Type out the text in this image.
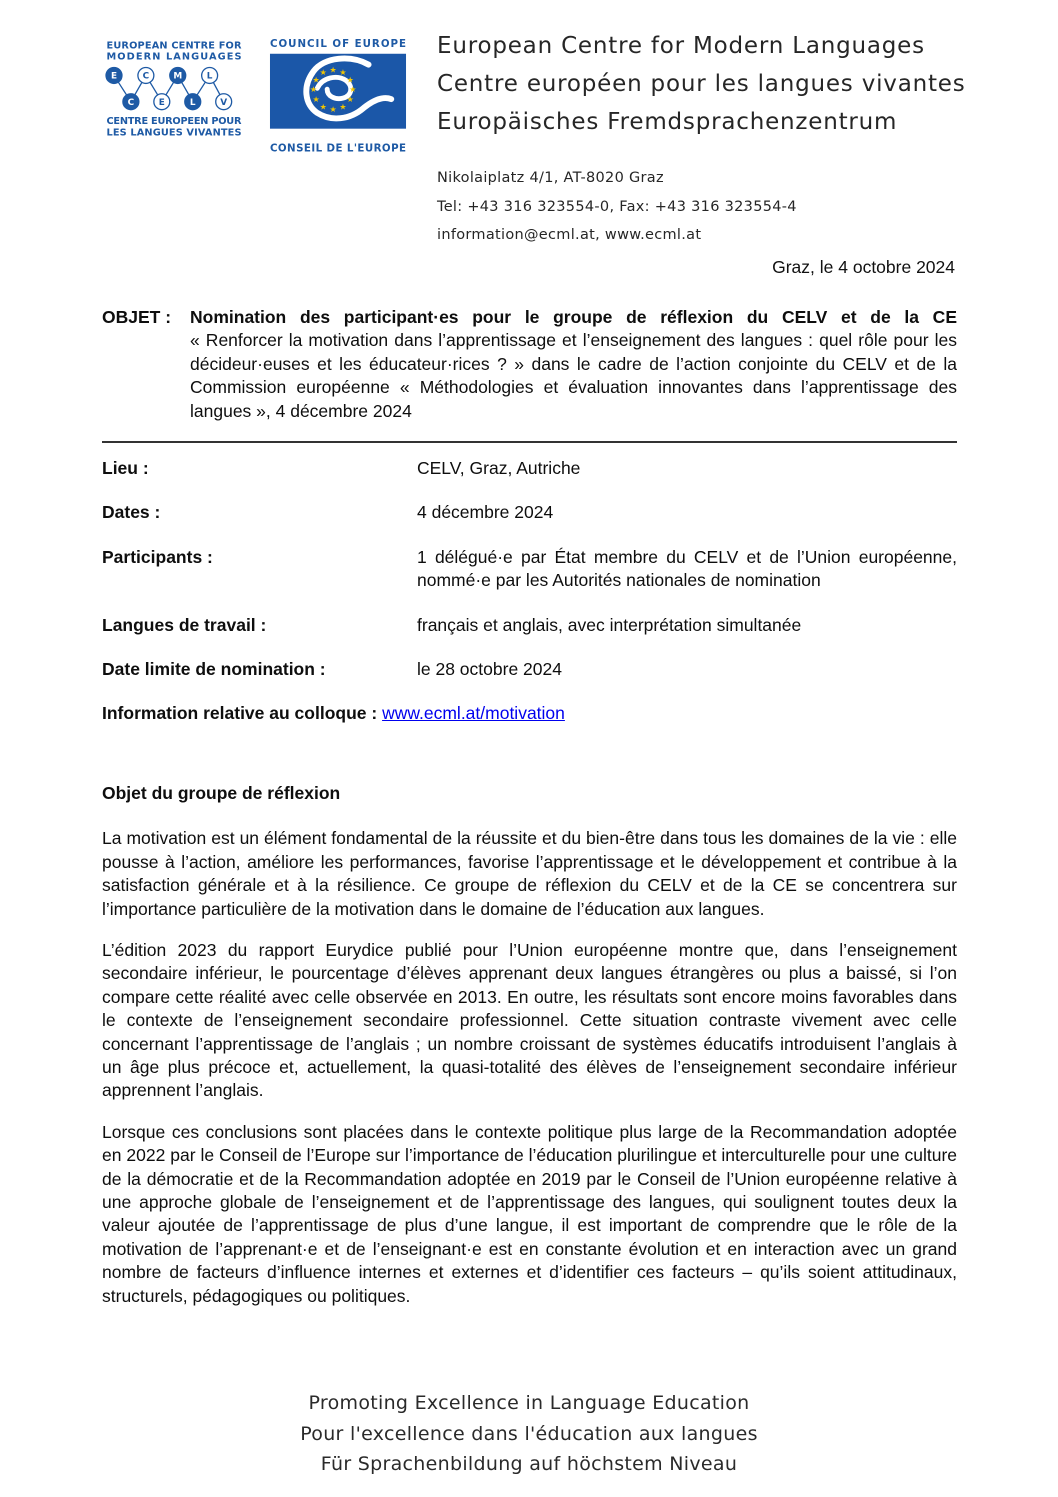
EUROPEAN CENTRE FOR
MODERN LANGUAGES
CENTRE EUROPEEN POUR
LES LANGUES VIVANTES
E	C	M	L
C	E	L	V
COUNCIL OF EUROPE
★ ★
★
★
★
★
★
★
★
★
★
★
CONSEIL DE L'EUROPE
European Centre for Modern Languages
Centre européen pour les langues vivantes
Europäisches Fremdsprachenzentrum
Nikolaiplatz 4/1, AT-8020 Graz
Tel: +43 316 323554-0, Fax: +43 316 323554-4
information@ecml.at, www.ecml.at
Graz, le 4 octobre 2024
OBJET : Nomination des participant·es pour le groupe de réflexion du CELV et de la CE
« Renforcer la motivation dans l’apprentissage et l’enseignement des langues : quel rôle pour les décideur·euses et les éducateur·rices ? » dans le cadre de l’action conjointe du CELV et de la Commission européenne « Méthodologies et évaluation innovantes dans l’apprentissage des langues », 4 décembre 2024
Lieu :	CELV, Graz, Autriche
Dates :	4 décembre 2024
Participants :	1 délégué·e par État membre du CELV et de l’Union européenne, nommé·e par les Autorités nationales de nomination
Langues de travail :	français et anglais, avec interprétation simultanée
Date limite de nomination :	le 28 octobre 2024
Information relative au colloque : www.ecml.at/motivation
Objet du groupe de réflexion

La motivation est un élément fondamental de la réussite et du bien-être dans tous les domaines de la vie : elle pousse à l’action, améliore les performances, favorise l’apprentissage et le développement et contribue à la satisfaction générale et à la résilience. Ce groupe de réflexion du CELV et de la CE se concentrera sur l’importance particulière de la motivation dans le domaine de l’éducation aux langues.

L’édition 2023 du rapport Eurydice publié pour l’Union européenne montre que, dans l’enseignement secondaire inférieur, le pourcentage d’élèves apprenant deux langues étrangères ou plus a baissé, si l’on compare cette réalité avec celle observée en 2013. En outre, les résultats sont encore moins favorables dans le contexte de l’enseignement secondaire professionnel. Cette situation contraste vivement avec celle concernant l’apprentissage de l’anglais ; un nombre croissant de systèmes éducatifs introduisent l’anglais à un âge plus précoce et, actuellement, la quasi-totalité des élèves de l’enseignement secondaire inférieur apprennent l’anglais.

Lorsque ces conclusions sont placées dans le contexte politique plus large de la Recommandation adoptée en 2022 par le Conseil de l’Europe sur l’importance de l’éducation plurilingue et interculturelle pour une culture de la démocratie et de la Recommandation adoptée en 2019 par le Conseil de l’Union européenne relative à une approche globale de l’enseignement et de l’apprentissage des langues, qui soulignent toutes deux la valeur ajoutée de l’apprentissage de plus d’une langue, il est important de comprendre que le rôle de la motivation de l’apprenant·e et de l’enseignant·e est en constante évolution et en interaction avec un grand nombre de facteurs d’influence internes et externes et d’identifier ces facteurs – qu’ils soient attitudinaux, structurels, pédagogiques ou politiques.

Promoting Excellence in Language Education
Pour l'excellence dans l'éducation aux langues
Für Sprachenbildung auf höchstem Niveau
